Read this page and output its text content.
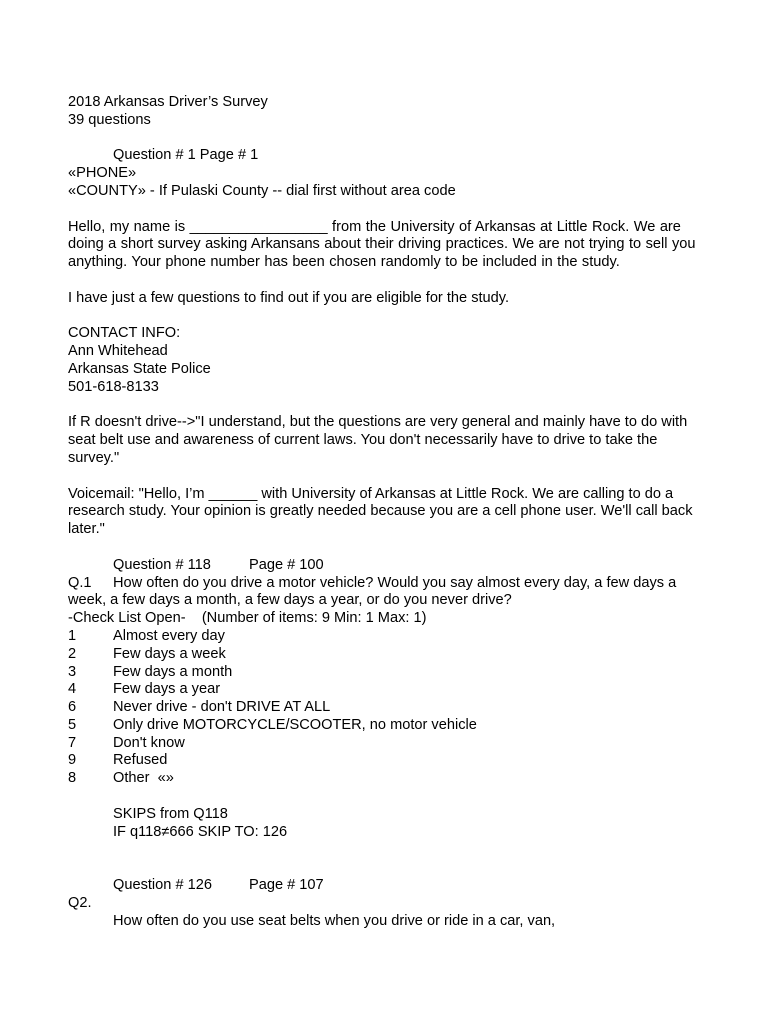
2018 Arkansas Driver’s Survey
39 questions
Question # 1 Page # 1
«PHONE»
«COUNTY» - If Pulaski County -- dial first without area code
Hello, my name is _________________ from the University of Arkansas at Little Rock. We are doing a short survey asking Arkansans about their driving practices. We are not trying to sell you anything. Your phone number has been chosen randomly to be included in the study.
I have just a few questions to find out if you are eligible for the study.
CONTACT INFO:
Ann Whitehead
Arkansas State Police
501-618-8133
If R doesn't drive-->"I understand, but the questions are very general and mainly have to do with seat belt use and awareness of current laws. You don't necessarily have to drive to take the survey."
Voicemail: "Hello, I’m ______ with University of Arkansas at Little Rock. We are calling to do a research study. Your opinion is greatly needed because you are a cell phone user. We'll call back later."
Question # 118	Page # 100
Q.1	How often do you drive a motor vehicle? Would you say almost every day, a few days a
week, a few days a month, a few days a year, or do you never drive?
-Check List Open-    (Number of items: 9 Min: 1 Max: 1)
1	Almost every day
2	Few days a week
3	Few days a month
4	Few days a year
6	Never drive - don't DRIVE AT ALL
5	Only drive MOTORCYCLE/SCOOTER, no motor vehicle
7	Don't know
9	Refused
8	Other  «»
SKIPS from Q118
IF q118≠666 SKIP TO: 126
Question # 126	Page # 107
Q2.
How often do you use seat belts when you drive or ride in a car, van,
